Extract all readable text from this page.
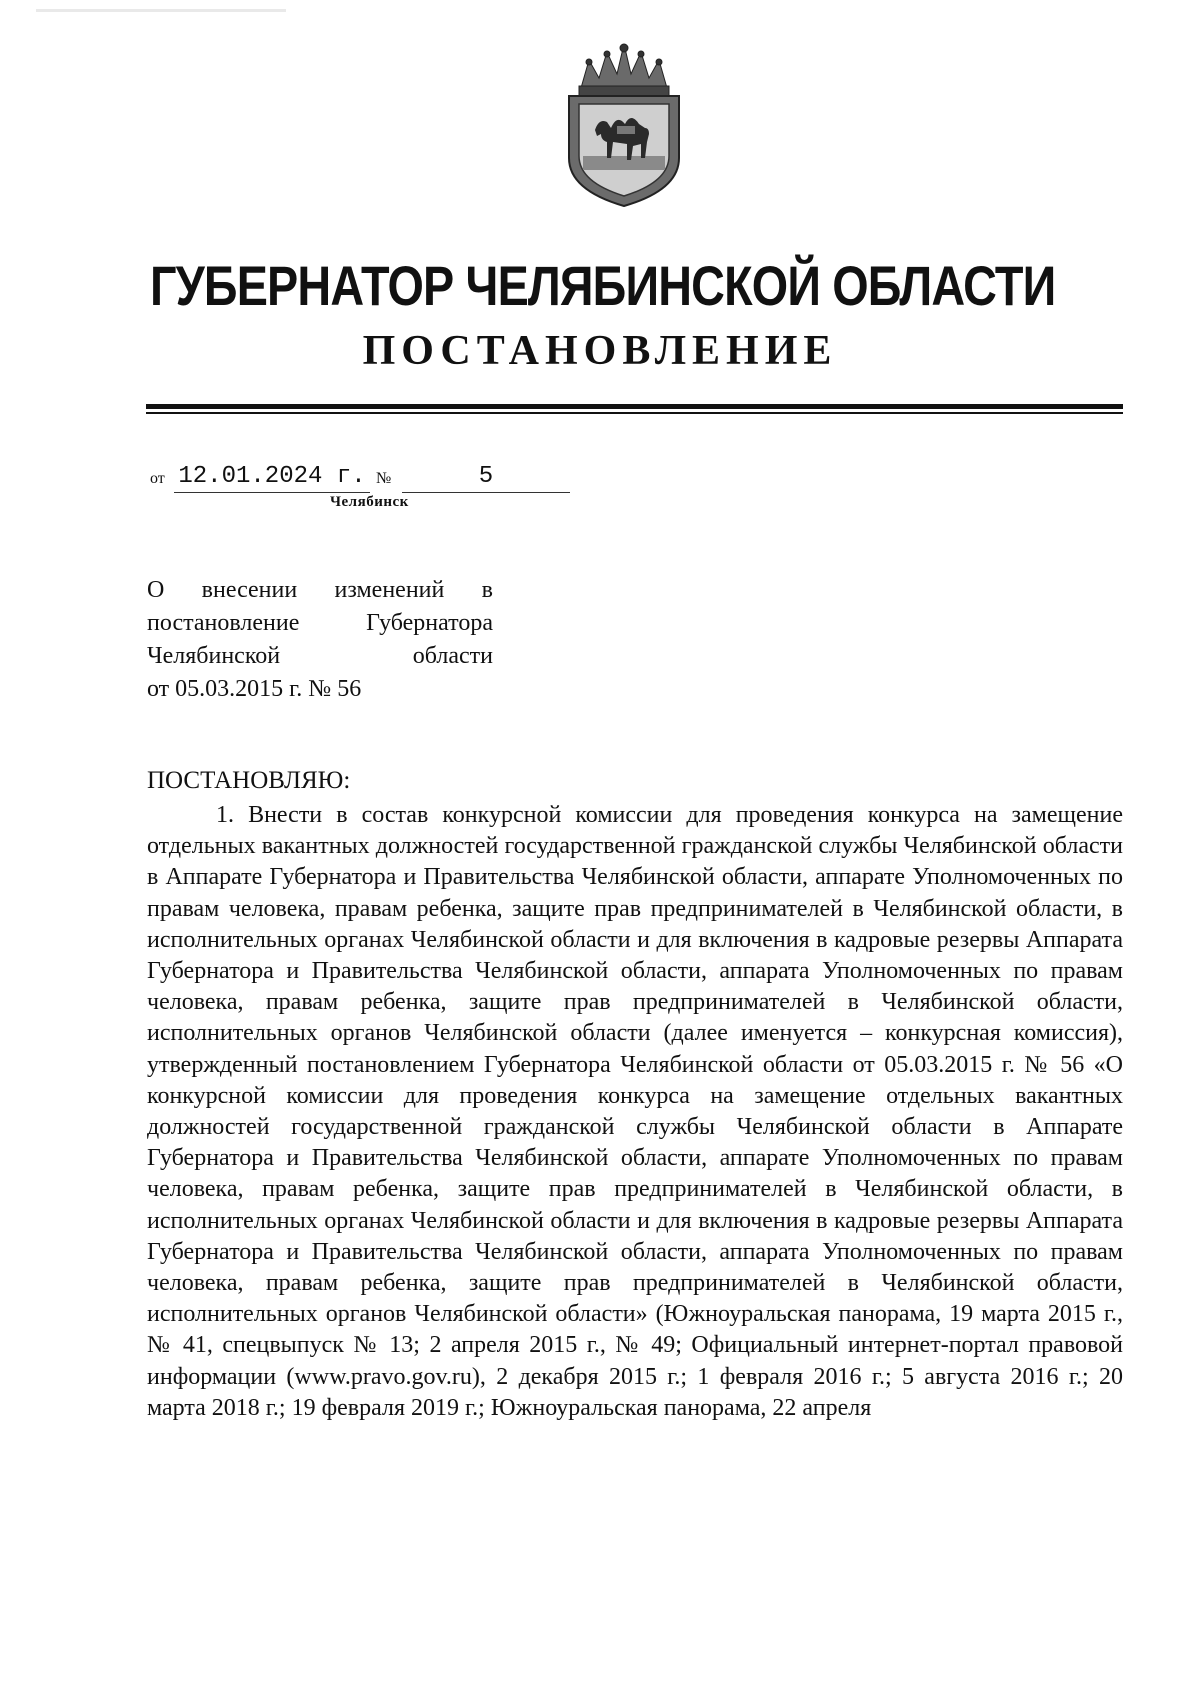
ГУБЕРНАТОР ЧЕЛЯБИНСКОЙ ОБЛАСТИ
ПОСТАНОВЛЕНИЕ
от 12.01.2024 г. №	5
Челябинск
О внесении изменений в
постановление Губернатора
Челябинской области
от 05.03.2015 г. № 56

ПОСТАНОВЛЯЮ:

1. Внести в состав конкурсной комиссии для проведения конкурса на замещение отдельных вакантных должностей государственной гражданской службы Челябинской области в Аппарате Губернатора и Правительства Челябинской области, аппарате Уполномоченных по правам человека, правам ребенка, защите прав предпринимателей в Челябинской области, в исполнительных органах Челябинской области и для включения в кадровые резервы Аппарата Губернатора и Правительства Челябинской области, аппарата Уполномоченных по правам человека, правам ребенка, защите прав предпринимателей в Челябинской области, исполнительных органов Челябинской области (далее именуется – конкурсная комиссия), утвержденный постановлением Губернатора Челябинской области от 05.03.2015 г. № 56 «О конкурсной комиссии для проведения конкурса на замещение отдельных вакантных должностей государственной гражданской службы Челябинской области в Аппарате Губернатора и Правительства Челябинской области, аппарате Уполномоченных по правам человека, правам ребенка, защите прав предпринимателей в Челябинской области, в исполнительных органах Челябинской области и для включения в кадровые резервы Аппарата Губернатора и Правительства Челябинской области, аппарата Уполномоченных по правам человека, правам ребенка, защите прав предпринимателей в Челябинской области, исполнительных органов Челябинской области» (Южноуральская панорама, 19 марта 2015 г., № 41, спецвыпуск № 13; 2 апреля 2015 г., № 49; Официальный интернет-портал правовой информации (www.pravo.gov.ru), 2 декабря 2015 г.; 1 февраля 2016 г.; 5 августа 2016 г.; 20 марта 2018 г.; 19 февраля 2019 г.; Южноуральская панорама, 22 апреля
